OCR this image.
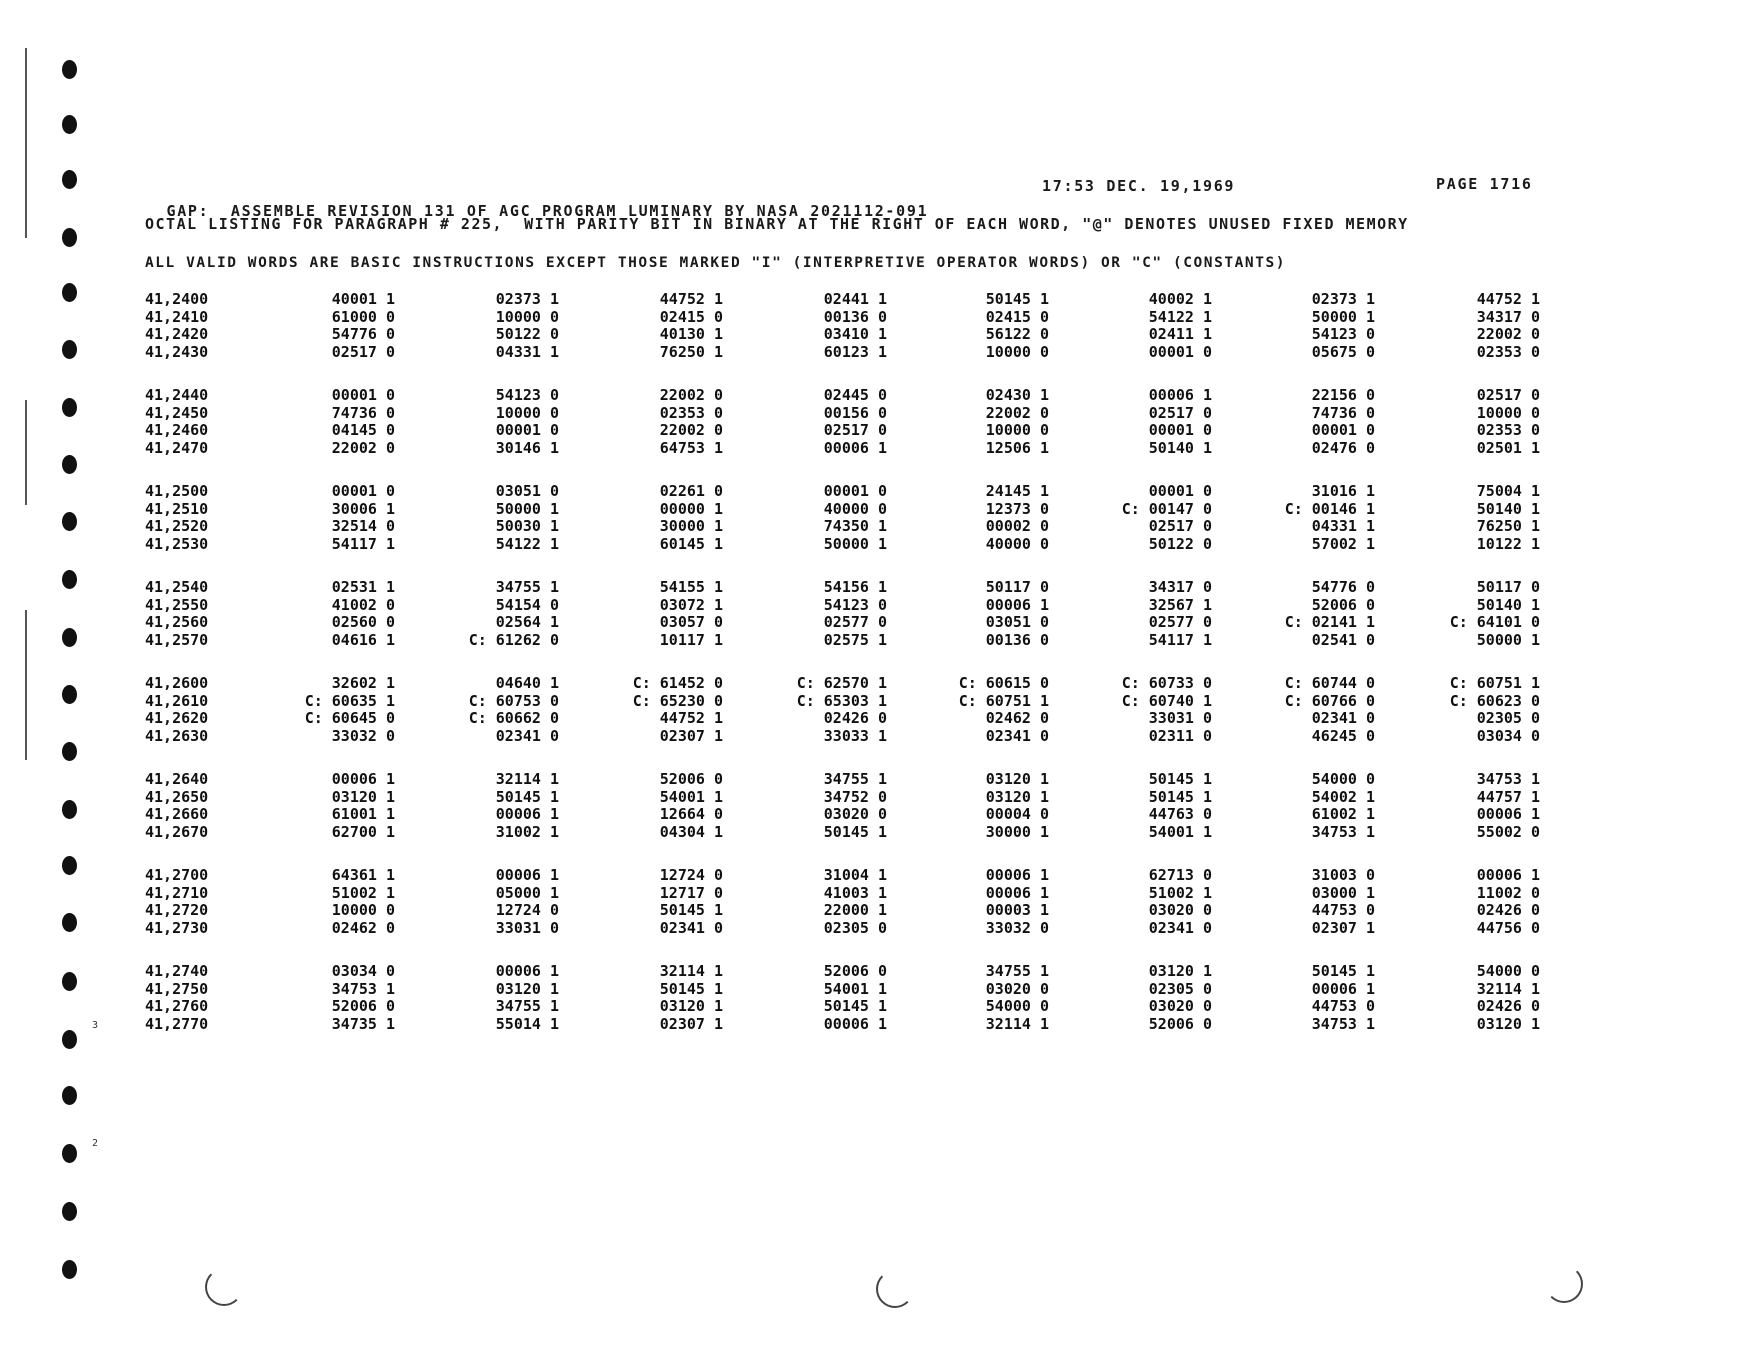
3
2

GAP:  ASSEMBLE REVISION 131 OF AGC PROGRAM LUMINARY BY NASA 2021112-091

17:53 DEC. 19,1969	PAGE 1716
OCTAL LISTING FOR PARAGRAPH # 225,  WITH PARITY BIT IN BINARY AT THE RIGHT OF EACH WORD, "@" DENOTES UNUSED FIXED MEMORY
ALL VALID WORDS ARE BASIC INSTRUCTIONS EXCEPT THOSE MARKED "I" (INTERPRETIVE OPERATOR WORDS) OR "C" (CONSTANTS)
41,2400	40001 1	02373 1	44752 1	02441 1	50145 1	40002 1	02373 1	44752 1
41,2410	61000 0	10000 0	02415 0	00136 0	02415 0	54122 1	50000 1	34317 0
41,2420	54776 0	50122 0	40130 1	03410 1	56122 0	02411 1	54123 0	22002 0
41,2430	02517 0	04331 1	76250 1	60123 1	10000 0	00001 0	05675 0	02353 0
41,2440	00001 0	54123 0	22002 0	02445 0	02430 1	00006 1	22156 0	02517 0
41,2450	74736 0	10000 0	02353 0	00156 0	22002 0	02517 0	74736 0	10000 0
41,2460	04145 0	00001 0	22002 0	02517 0	10000 0	00001 0	00001 0	02353 0
41,2470	22002 0	30146 1	64753 1	00006 1	12506 1	50140 1	02476 0	02501 1
41,2500	00001 0	03051 0	02261 0	00001 0	24145 1	00001 0	31016 1	75004 1
41,2510	30006 1	50000 1	00000 1	40000 0	12373 0	C: 00147 0	C: 00146 1	50140 1
41,2520	32514 0	50030 1	30000 1	74350 1	00002 0	02517 0	04331 1	76250 1
41,2530	54117 1	54122 1	60145 1	50000 1	40000 0	50122 0	57002 1	10122 1
41,2540	02531 1	34755 1	54155 1	54156 1	50117 0	34317 0	54776 0	50117 0
41,2550	41002 0	54154 0	03072 1	54123 0	00006 1	32567 1	52006 0	50140 1
41,2560	02560 0	02564 1	03057 0	02577 0	03051 0	02577 0	C: 02141 1	C: 64101 0
41,2570	04616 1	C: 61262 0	10117 1	02575 1	00136 0	54117 1	02541 0	50000 1
41,2600	32602 1	04640 1	C: 61452 0	C: 62570 1	C: 60615 0	C: 60733 0	C: 60744 0	C: 60751 1
41,2610	C: 60635 1	C: 60753 0	C: 65230 0	C: 65303 1	C: 60751 1	C: 60740 1	C: 60766 0	C: 60623 0
41,2620	C: 60645 0	C: 60662 0	44752 1	02426 0	02462 0	33031 0	02341 0	02305 0
41,2630	33032 0	02341 0	02307 1	33033 1	02341 0	02311 0	46245 0	03034 0
41,2640	00006 1	32114 1	52006 0	34755 1	03120 1	50145 1	54000 0	34753 1
41,2650	03120 1	50145 1	54001 1	34752 0	03120 1	50145 1	54002 1	44757 1
41,2660	61001 1	00006 1	12664 0	03020 0	00004 0	44763 0	61002 1	00006 1
41,2670	62700 1	31002 1	04304 1	50145 1	30000 1	54001 1	34753 1	55002 0
41,2700	64361 1	00006 1	12724 0	31004 1	00006 1	62713 0	31003 0	00006 1
41,2710	51002 1	05000 1	12717 0	41003 1	00006 1	51002 1	03000 1	11002 0
41,2720	10000 0	12724 0	50145 1	22000 1	00003 1	03020 0	44753 0	02426 0
41,2730	02462 0	33031 0	02341 0	02305 0	33032 0	02341 0	02307 1	44756 0
41,2740	03034 0	00006 1	32114 1	52006 0	34755 1	03120 1	50145 1	54000 0
41,2750	34753 1	03120 1	50145 1	54001 1	03020 0	02305 0	00006 1	32114 1
41,2760	52006 0	34755 1	03120 1	50145 1	54000 0	03020 0	44753 0	02426 0
41,2770	34735 1	55014 1	02307 1	00006 1	32114 1	52006 0	34753 1	03120 1
